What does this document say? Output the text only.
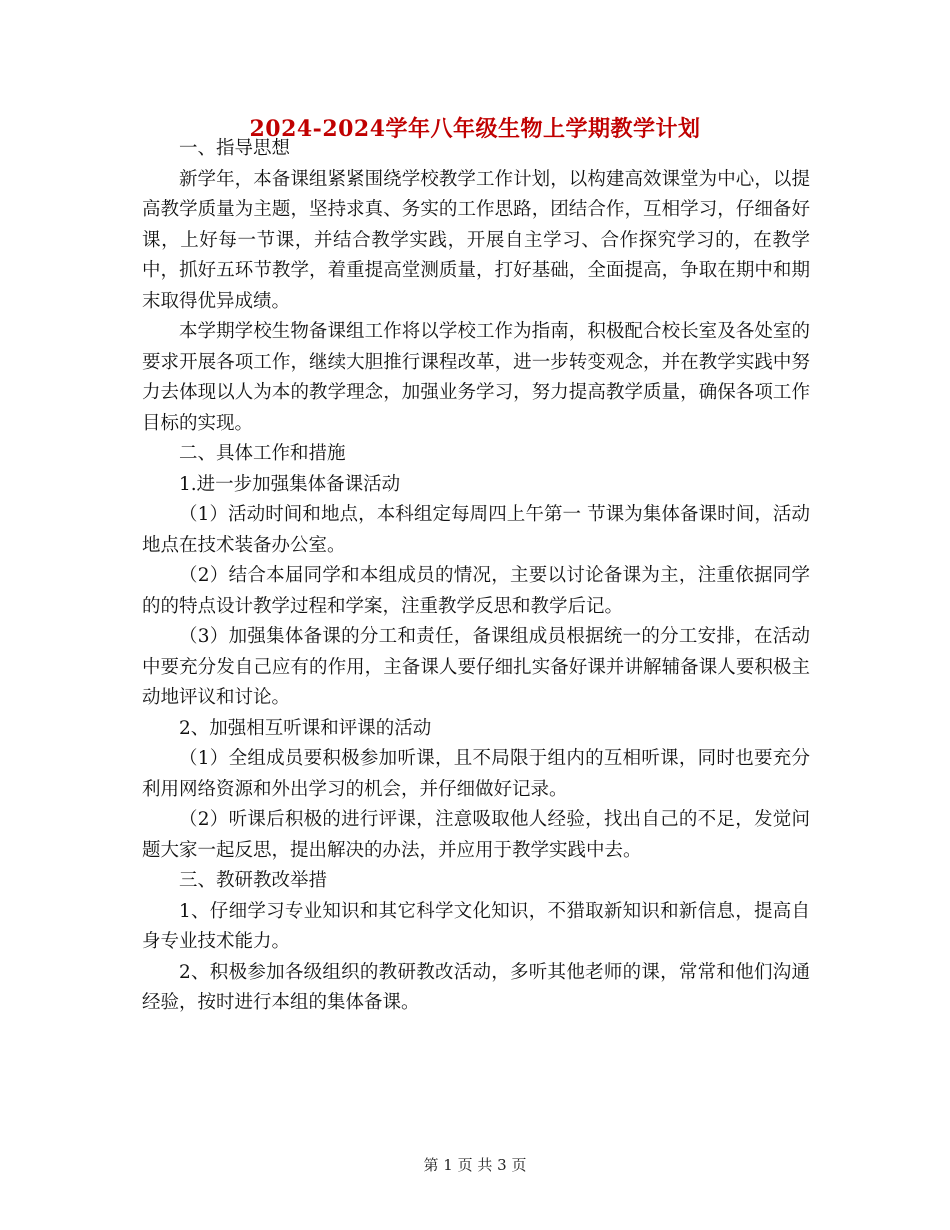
2024-2024学年八年级生物上学期教学计划

一、指导思想

新学年，本备课组紧紧围绕学校教学工作计划，以构建高效课堂为中心，以提高教学质量为主题，坚持求真、务实的工作思路，团结合作，互相学习，仔细备好课，上好每一节课，并结合教学实践，开展自主学习、合作探究学习的，在教学中，抓好五环节教学，着重提高堂测质量，打好基础，全面提高，争取在期中和期末取得优异成绩。

本学期学校生物备课组工作将以学校工作为指南，积极配合校长室及各处室的要求开展各项工作，继续大胆推行课程改革，进一步转变观念，并在教学实践中努力去体现以人为本的教学理念，加强业务学习，努力提高教学质量，确保各项工作目标的实现。

二、具体工作和措施

1.进一步加强集体备课活动

（1）活动时间和地点，本科组定每周四上午第一 节课为集体备课时间，活动地点在技术装备办公室。

（2）结合本届同学和本组成员的情况，主要以讨论备课为主，注重依据同学的的特点设计教学过程和学案，注重教学反思和教学后记。

（3）加强集体备课的分工和责任，备课组成员根据统一的分工安排，在活动中要充分发自己应有的作用，主备课人要仔细扎实备好课并讲解辅备课人要积极主动地评议和讨论。

2、加强相互听课和评课的活动

（1）全组成员要积极参加听课，且不局限于组内的互相听课，同时也要充分利用网络资源和外出学习的机会，并仔细做好记录。

（2）听课后积极的进行评课，注意吸取他人经验，找出自己的不足，发觉问题大家一起反思，提出解决的办法，并应用于教学实践中去。

三、教研教改举措

1、仔细学习专业知识和其它科学文化知识，不猎取新知识和新信息，提高自身专业技术能力。

2、积极参加各级组织的教研教改活动，多听其他老师的课，常常和他们沟通经验，按时进行本组的集体备课。

第 1 页 共 3 页
